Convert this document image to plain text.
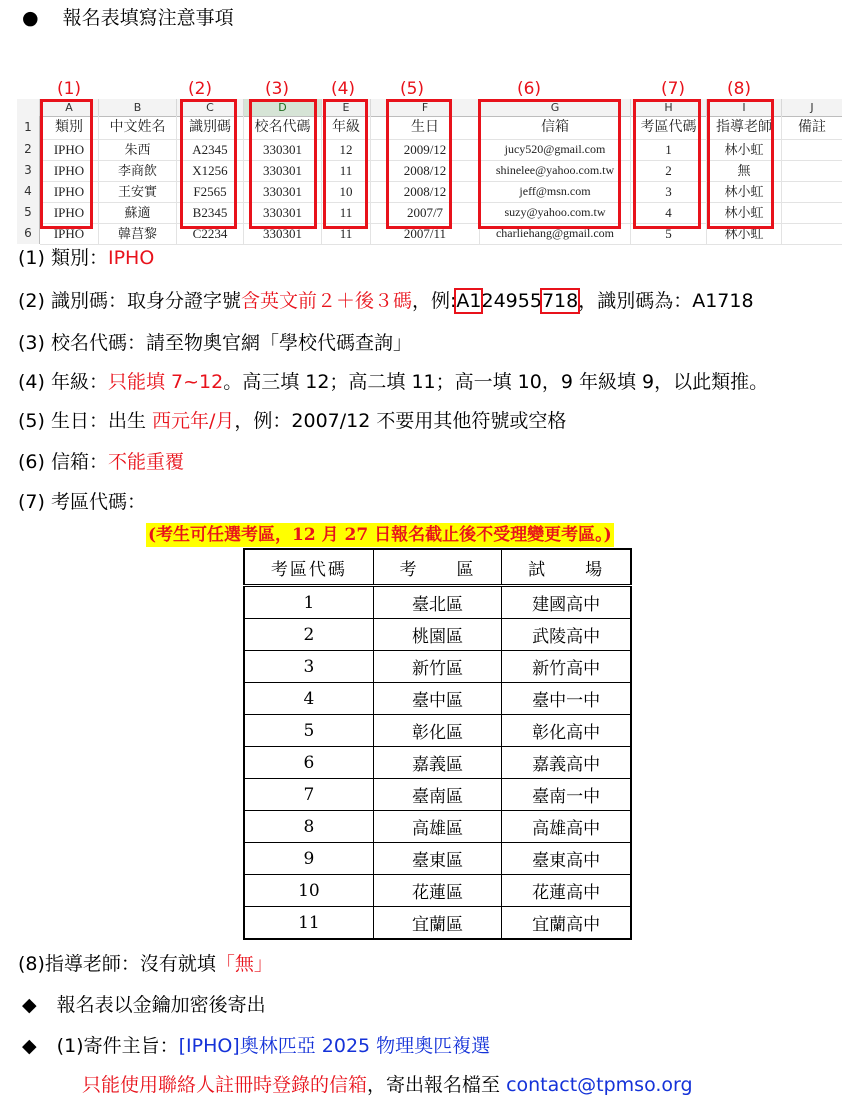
● 報名表填寫注意事項
(1)	(2)	(3) (4)	(5)	(6)	(7) (8)
A	B	C	D	E	F	G	H	I	J
1	類別	中文姓名	識別碼	校名代碼	年級	生日	信箱	考區代碼	指導老師	備註
2	IPHO	朱西	A2345	330301	12	2009/12	jucy520@gmail.com	1	林小虹
3	IPHO	李商飲	X1256	330301	11	2008/12	shinelee@yahoo.com.tw	2	無
4	IPHO	王安實	F2565	330301	10	2008/12	jeff@msn.com	3	林小虹
5	IPHO	蘇適	B2345	330301	11	2007/7	suzy@yahoo.com.tw	4	林小虹
6	IPHO	韓莒黎	C2234	330301	11	2007/11	charliehang@gmail.com	5	林小虹
(1) 類別：IPHO
(2) 識別碼：取身分證字號含英文前２＋後３碼，例:A124955718，識別碼為：A1718
(3) 校名代碼：請至物奧官網「學校代碼查詢」
(4) 年級：只能填 7~12。高三填 12；高二填 11；高一填 10，9 年級填 9，以此類推。
(5) 生日：出生 西元年/月，例：2007/12 不要用其他符號或空格
(6) 信箱：不能重覆
(7) 考區代碼：
(考生可任選考區，12 月 27 日報名截止後不受理變更考區。)
考區代碼	考　　區	試　　場
1	臺北區	建國高中
2	桃園區	武陵高中
3	新竹區	新竹高中
4	臺中區	臺中一中
5	彰化區	彰化高中
6	嘉義區	嘉義高中
7	臺南區	臺南一中
8	高雄區	高雄高中
9	臺東區	臺東高中
10	花蓮區	花蓮高中
11	宜蘭區	宜蘭高中
(8)指導老師：沒有就填「無」
◆ 報名表以金鑰加密後寄出
◆ (1)寄件主旨：[IPHO]奧林匹亞 2025 物理奧匹複選
只能使用聯絡人註冊時登錄的信箱，寄出報名檔至 contact@tpmso.org
